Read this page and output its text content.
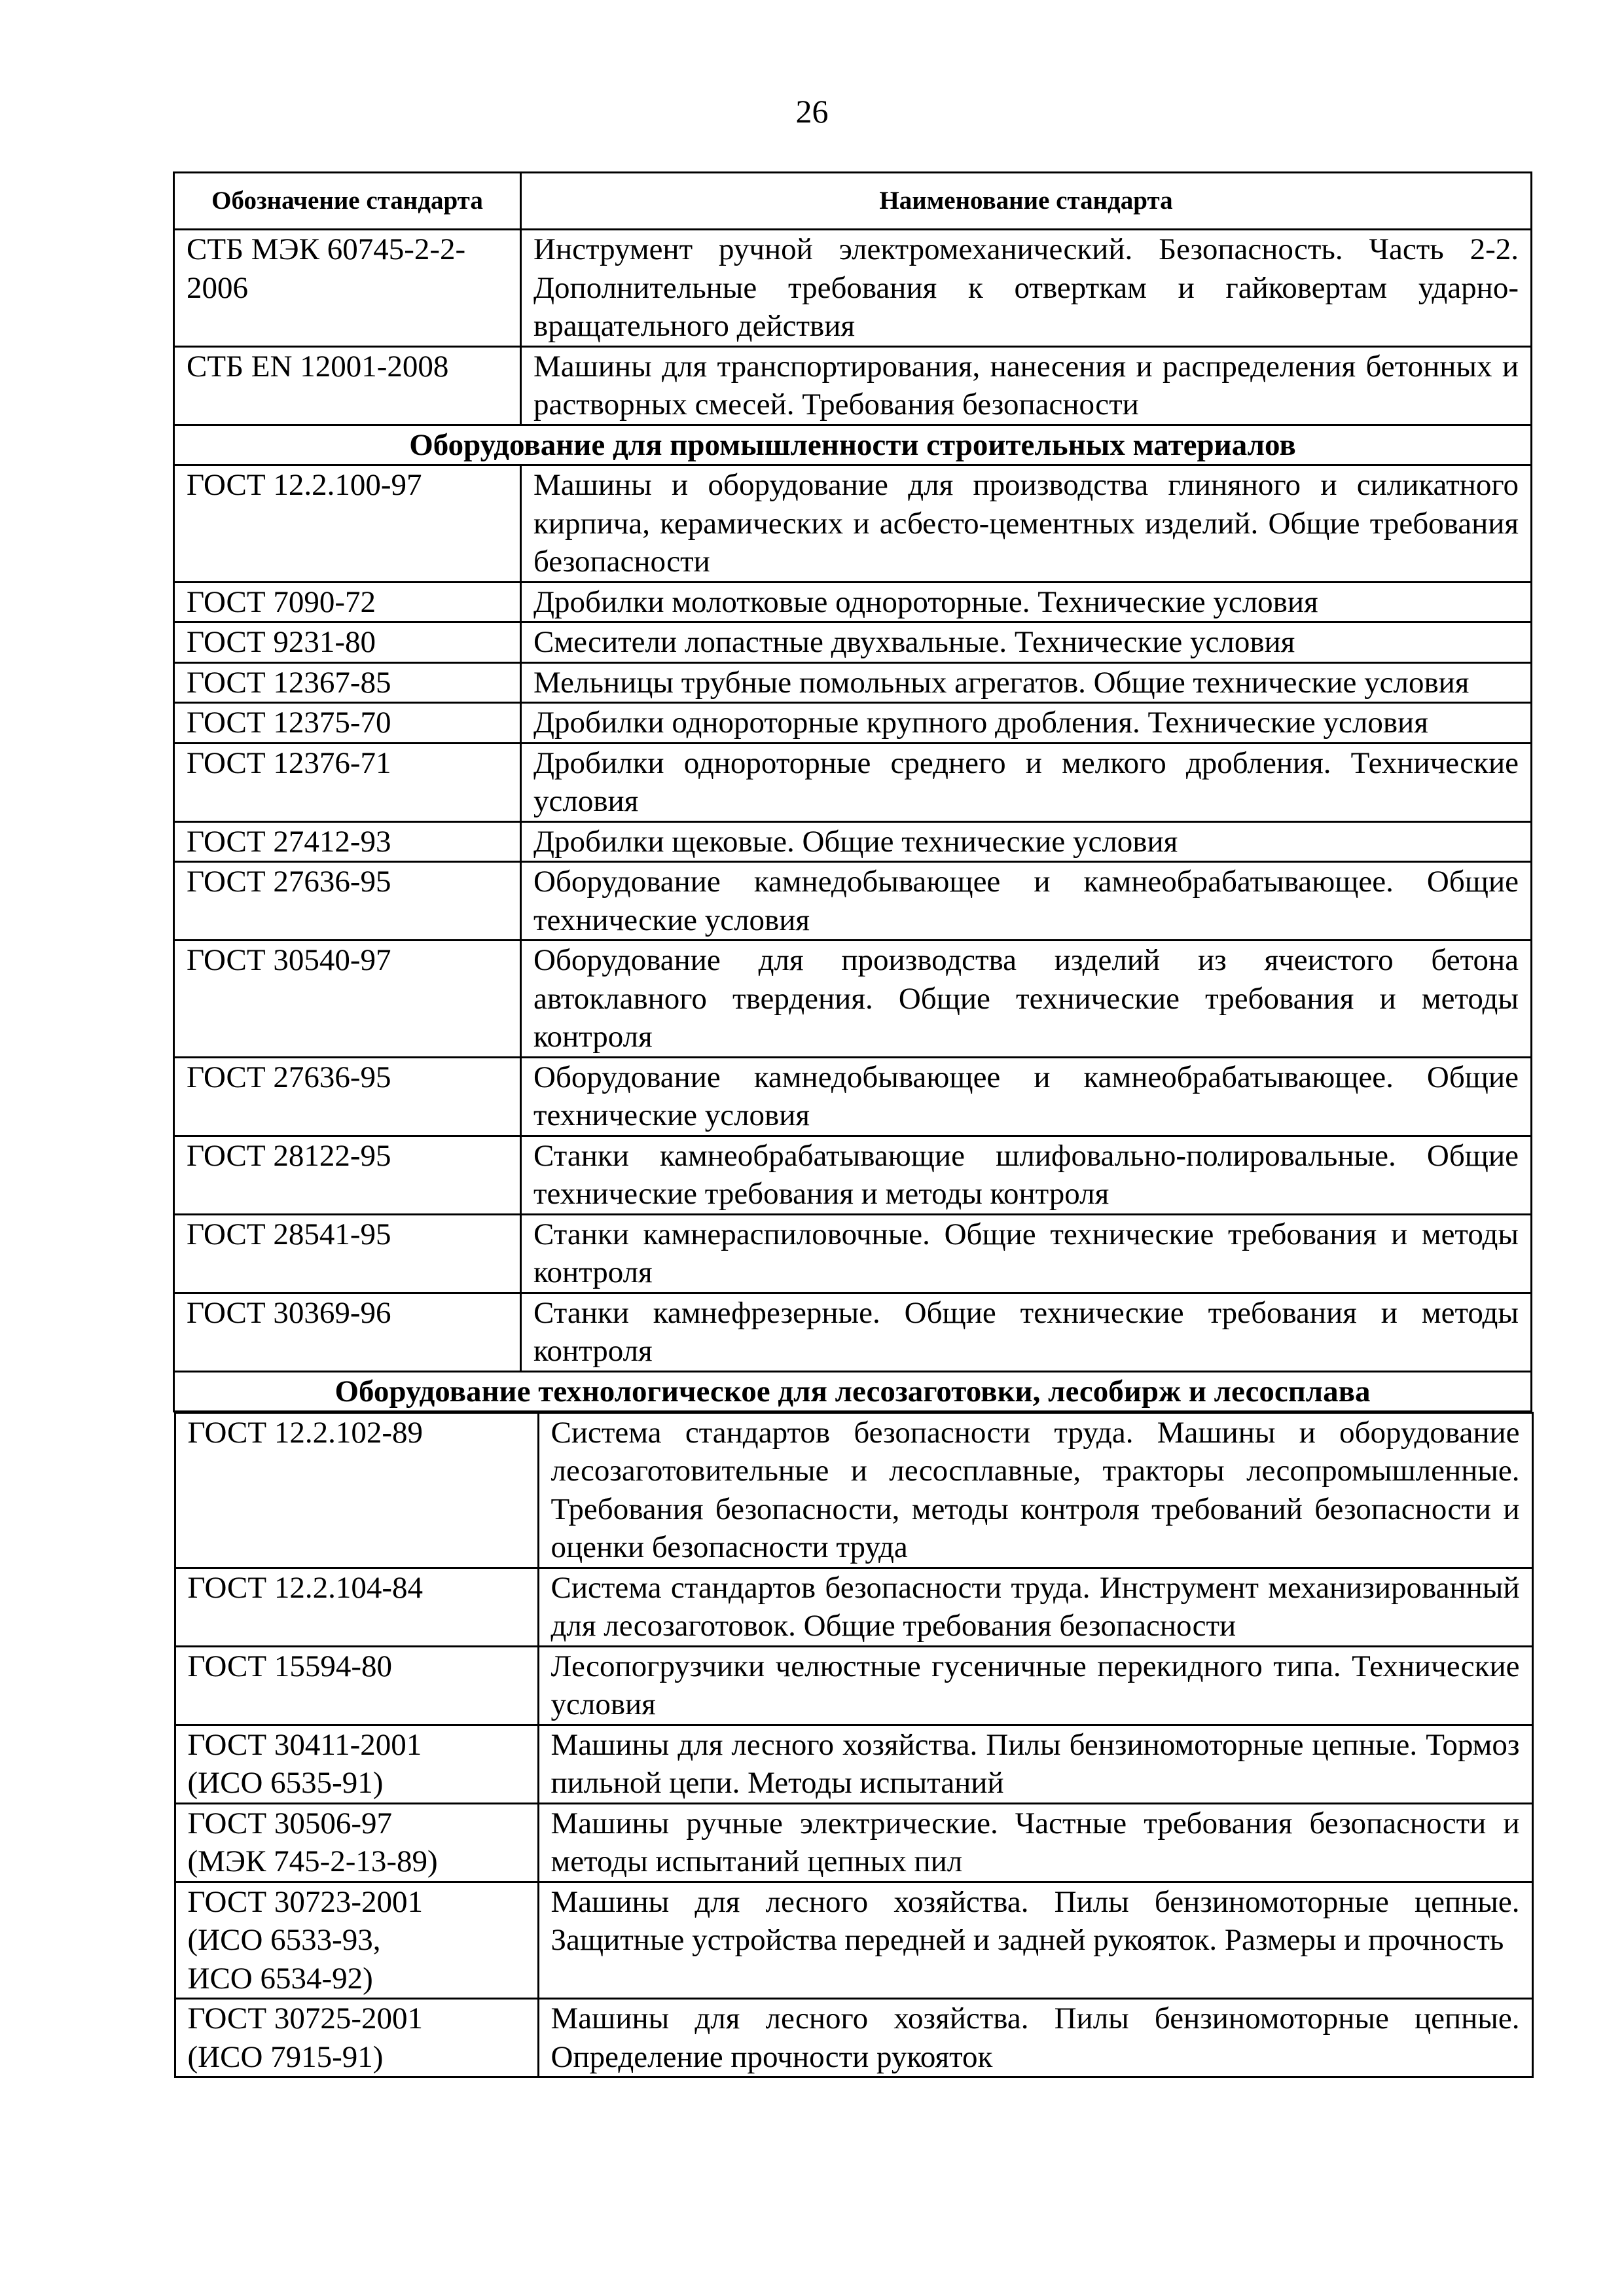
26
Обозначение стандарта	Наименование стандарта
СТБ МЭК 60745-2-2-
2006	Инструмент ручной электромеханический. Безопасность. Часть 2-2. Дополнительные требования к отверткам и гайковертам ударно-вращательного действия
СТБ EN 12001-2008	Машины для транспортирования, нанесения и распределения бетонных и растворных смесей. Требования безопасности
Оборудование для промышленности строительных материалов
ГОСТ 12.2.100-97	Машины и оборудование для производства глиняного и силикатного кирпича, керамических и асбесто-цементных изделий. Общие требования безопасности
ГОСТ 7090-72	Дробилки молотковые однороторные. Технические условия
ГОСТ 9231-80	Смесители лопастные двухвальные. Технические условия
ГОСТ 12367-85	Мельницы трубные помольных агрегатов. Общие технические условия
ГОСТ 12375-70	Дробилки однороторные крупного дробления. Технические условия
ГОСТ 12376-71	Дробилки однороторные среднего и мелкого дробления. Технические условия
ГОСТ 27412-93	Дробилки щековые. Общие технические условия
ГОСТ 27636-95	Оборудование камнедобывающее и камнеобрабатывающее. Общие технические условия
ГОСТ 30540-97	Оборудование для производства изделий из ячеистого бетона автоклавного твердения. Общие технические требования и методы контроля
ГОСТ 27636-95	Оборудование камнедобывающее и камнеобрабатывающее. Общие технические условия
ГОСТ 28122-95	Станки камнеобрабатывающие шлифовально-полировальные. Общие технические требования и методы контроля
ГОСТ 28541-95	Станки камнераспиловочные. Общие технические требования и методы контроля
ГОСТ 30369-96	Станки камнефрезерные. Общие технические требования и методы контроля
Оборудование технологическое для лесозаготовки, лесобирж и лесосплава

ГОСТ 12.2.102-89	Система стандартов безопасности труда. Машины и оборудование лесозаготовительные и лесосплавные, тракторы лесопромышленные. Требования безопасности, методы контроля требований безопасности и оценки безопасности труда
ГОСТ 12.2.104-84	Система стандартов безопасности труда. Инструмент механизированный для лесозаготовок. Общие требования безопасности
ГОСТ 15594-80	Лесопогрузчики челюстные гусеничные перекидного типа. Технические условия
ГОСТ 30411-2001
(ИСО 6535-91)	Машины для лесного хозяйства. Пилы бензиномоторные цепные. Тормоз пильной цепи. Методы испытаний
ГОСТ 30506-97
(МЭК 745-2-13-89)	Машины ручные электрические. Частные требования безопасности и методы испытаний цепных пил
ГОСТ 30723-2001
(ИСО 6533-93,
ИСО 6534-92)	Машины для лесного хозяйства. Пилы бензиномоторные цепные. Защитные устройства передней и задней рукояток. Размеры и прочность
ГОСТ 30725-2001
(ИСО 7915-91)	Машины для лесного хозяйства. Пилы бензиномоторные цепные. Определение прочности рукояток
